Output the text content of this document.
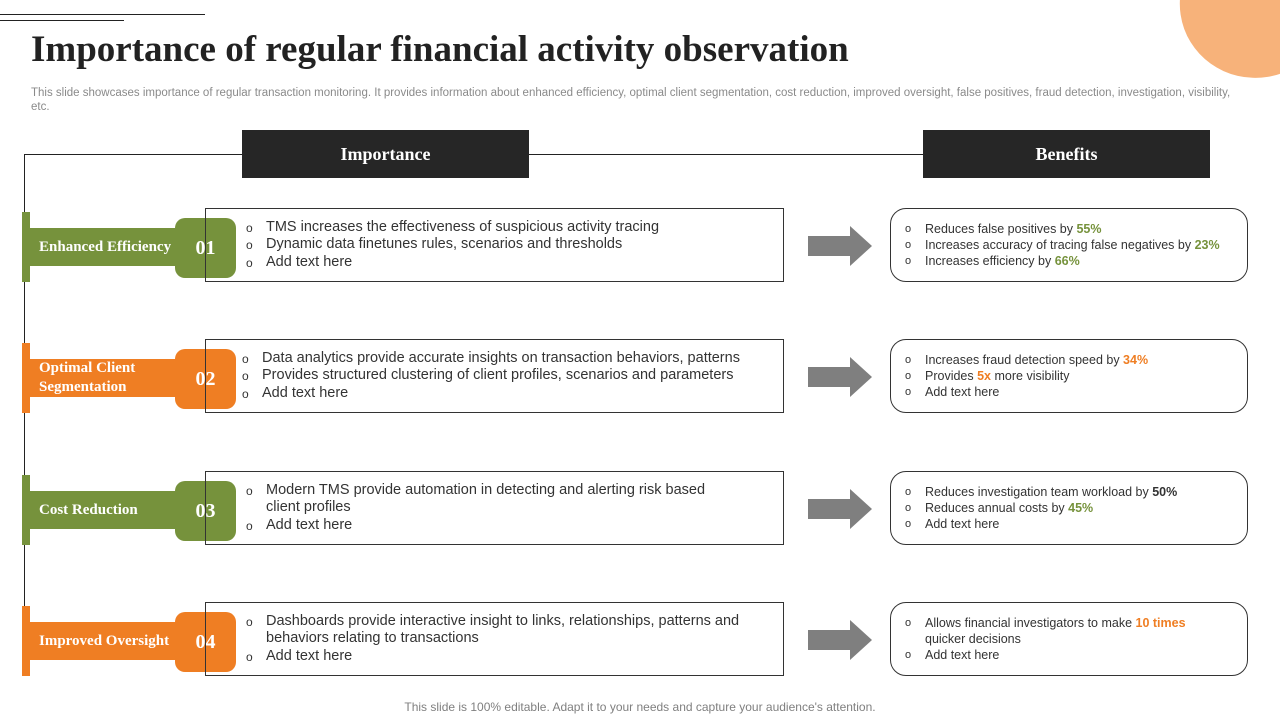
Importance of regular financial activity observation

This slide showcases importance of regular transaction monitoring. It provides information about enhanced efficiency, optimal client segmentation, cost reduction, improved oversight, false positives, fraud detection, investigation, visibility, etc.

Importance	Benefits
Enhanced Efficiency	01
o TMS increases the effectiveness of suspicious activity tracing
o Dynamic data finetunes rules, scenarios and thresholds
o Add text here
o Reduces false positives by 55%
o Increases accuracy of tracing false negatives by 23%
o Increases efficiency by 66%
Optimal Client Segmentation	02
o Data analytics provide accurate insights on transaction behaviors, patterns
o Provides structured clustering of client profiles, scenarios and parameters
o Add text here
o Increases fraud detection speed by 34%
o Provides 5x more visibility
o Add text here
Cost Reduction	03
o Modern TMS provide automation in detecting and alerting risk based client profiles
o Add text here
o Reduces investigation team workload by 50%
o Reduces annual costs by 45%
o Add text here
Improved Oversight	04
o Dashboards provide interactive insight to links, relationships, patterns and behaviors relating to transactions
o Add text here
o Allows financial investigators to make 10 times quicker decisions
o Add text here

This slide is 100% editable. Adapt it to your needs and capture your audience's attention.
